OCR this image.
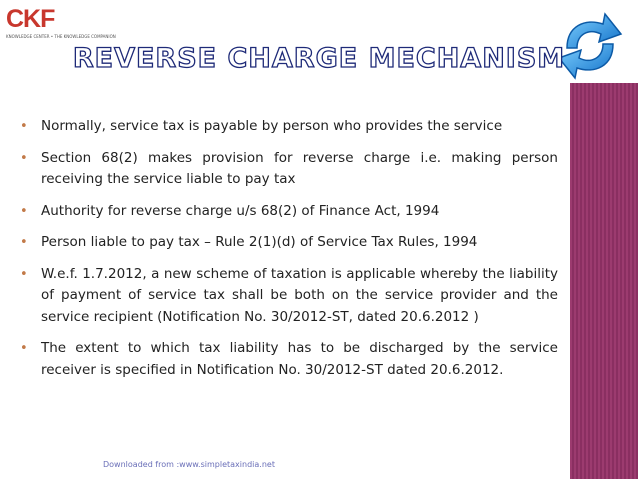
CKF
KNOWLEDGE CENTER • THE KNOWLEDGE COMPANION
REVERSE CHARGE MECHANISM
• Normally, service tax is payable by person who provides the service
• Section 68(2) makes provision for reverse charge i.e. making person receiving the service liable to pay tax
• Authority for reverse charge u/s 68(2) of Finance Act, 1994
• Person liable to pay tax – Rule 2(1)(d) of Service Tax Rules, 1994
• W.e.f. 1.7.2012, a new scheme of taxation is applicable whereby the liability of payment of service tax shall be both on the service provider and the service recipient (Notification No. 30/2012-ST, dated 20.6.2012 )
• The extent to which tax liability has to be discharged by the service receiver is specified in Notification No. 30/2012-ST dated 20.6.2012.
Downloaded from :www.simpletaxindia.net
